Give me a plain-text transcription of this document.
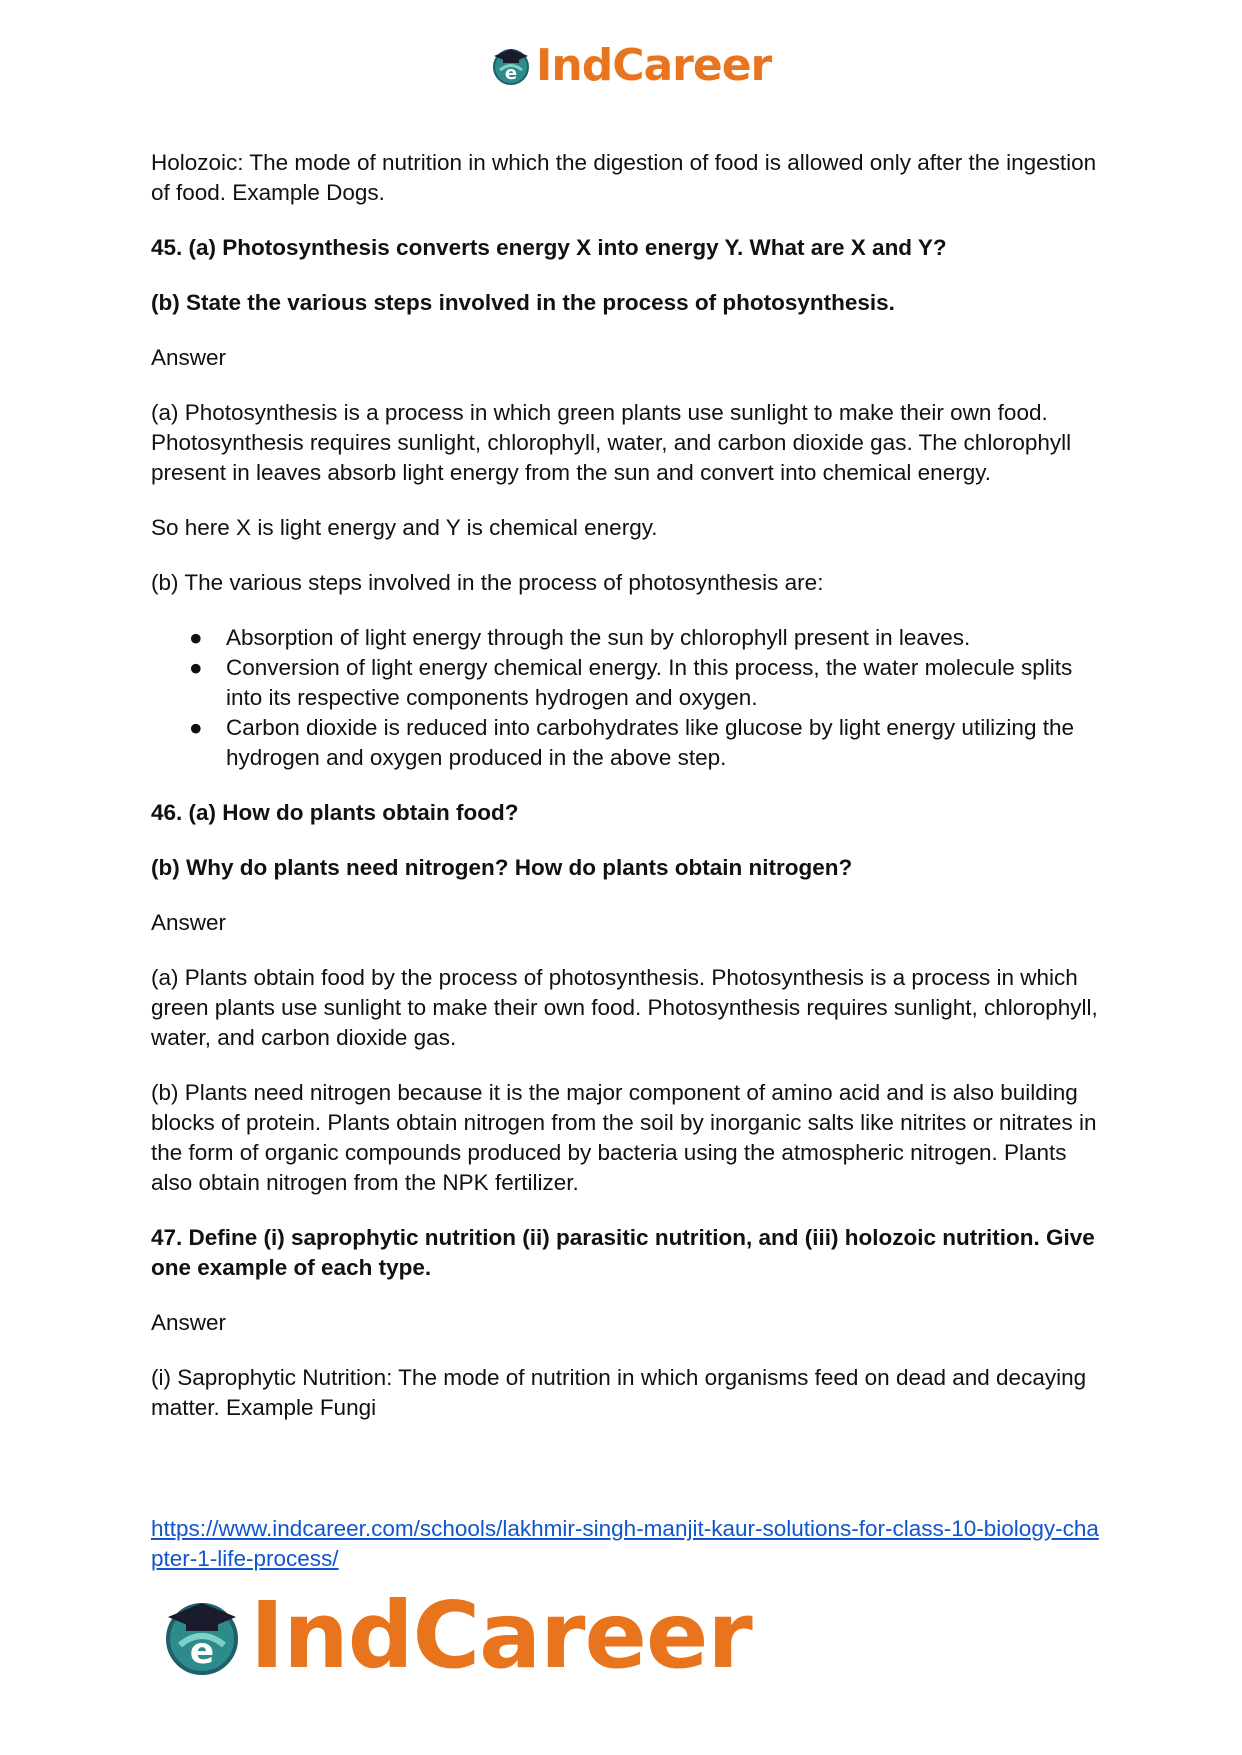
e IndCareer

Holozoic: The mode of nutrition in which the digestion of food is allowed only after the ingestion of food. Example Dogs.

45. (a) Photosynthesis converts energy X into energy Y. What are X and Y?

(b) State the various steps involved in the process of photosynthesis.

Answer

(a) Photosynthesis is a process in which green plants use sunlight to make their own food. Photosynthesis requires sunlight, chlorophyll, water, and carbon dioxide gas. The chlorophyll present in leaves absorb light energy from the sun and convert into chemical energy.

So here X is light energy and Y is chemical energy.

(b) The various steps involved in the process of photosynthesis are:

● Absorption of light energy through the sun by chlorophyll present in leaves.
● Conversion of light energy chemical energy. In this process, the water molecule splits into its respective components hydrogen and oxygen.
● Carbon dioxide is reduced into carbohydrates like glucose by light energy utilizing the hydrogen and oxygen produced in the above step.

46. (a) How do plants obtain food?

(b) Why do plants need nitrogen? How do plants obtain nitrogen?

Answer

(a) Plants obtain food by the process of photosynthesis. Photosynthesis is a process in which green plants use sunlight to make their own food. Photosynthesis requires sunlight, chlorophyll, water, and carbon dioxide gas.

(b) Plants need nitrogen because it is the major component of amino acid and is also building blocks of protein. Plants obtain nitrogen from the soil by inorganic salts like nitrites or nitrates in the form of organic compounds produced by bacteria using the atmospheric nitrogen. Plants also obtain nitrogen from the NPK fertilizer.

47. Define (i) saprophytic nutrition (ii) parasitic nutrition, and (iii) holozoic nutrition. Give one example of each type.

Answer

(i) Saprophytic Nutrition: The mode of nutrition in which organisms feed on dead and decaying matter. Example Fungi

https://www.indcareer.com/schools/lakhmir-singh-manjit-kaur-solutions-for-class-10-biology-chapter-1-life-process/
e IndCareer
